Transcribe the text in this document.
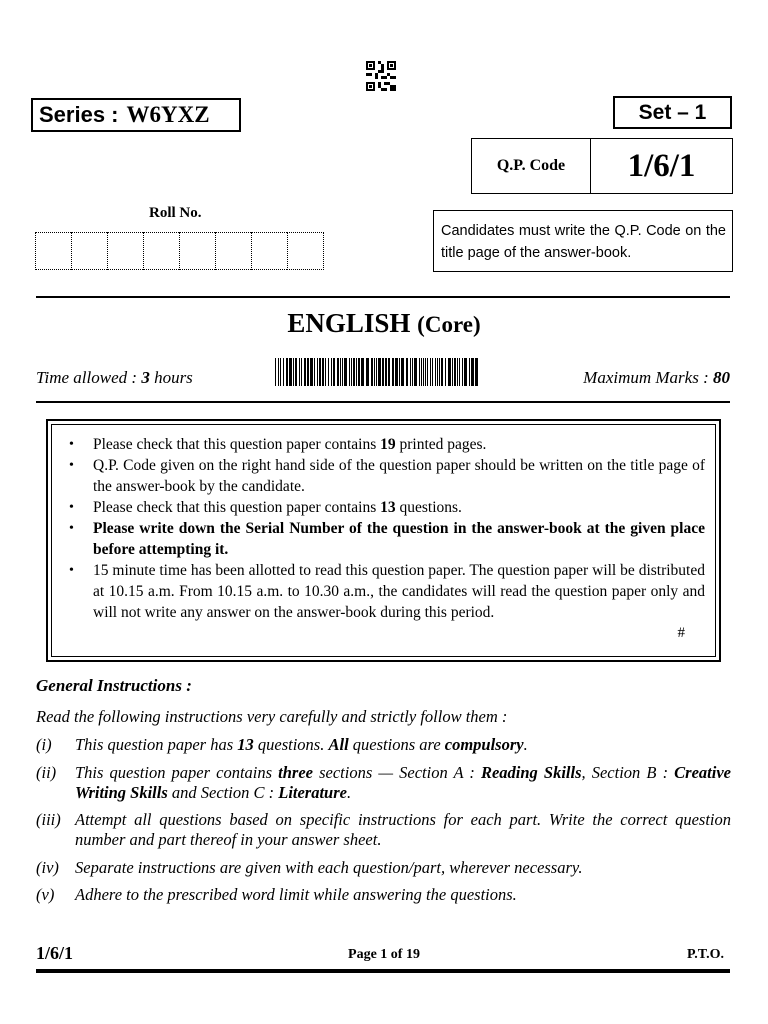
Series : W6YXZ	Set – 1
Q.P. Code	1/6/1
Roll No.
Candidates must write the Q.P. Code on the title page of the answer-book.
ENGLISH (Core)
Time allowed : 3 hours	Maximum Marks : 80
• Please check that this question paper contains 19 printed pages.
• Q.P. Code given on the right hand side of the question paper should be written on the title page of the answer-book by the candidate.
• Please check that this question paper contains 13 questions.
• Please write down the Serial Number of the question in the answer-book at the given place before attempting it.
• 15 minute time has been allotted to read this question paper. The question paper will be distributed at 10.15 a.m. From 10.15 a.m. to 10.30 a.m., the candidates will read the question paper only and will not write any answer on the answer-book during this period.
#
General Instructions :
Read the following instructions very carefully and strictly follow them :
(i)	This question paper has 13 questions. All questions are compulsory.
(ii)	This question paper contains three sections — Section A : Reading Skills, Section B : Creative Writing Skills and Section C : Literature.
(iii) Attempt all questions based on specific instructions for each part. Write the correct question number and part thereof in your answer sheet.
(iv) Separate instructions are given with each question/part, wherever necessary.
(v)	Adhere to the prescribed word limit while answering the questions.
1/6/1	Page 1 of 19	P.T.O.
